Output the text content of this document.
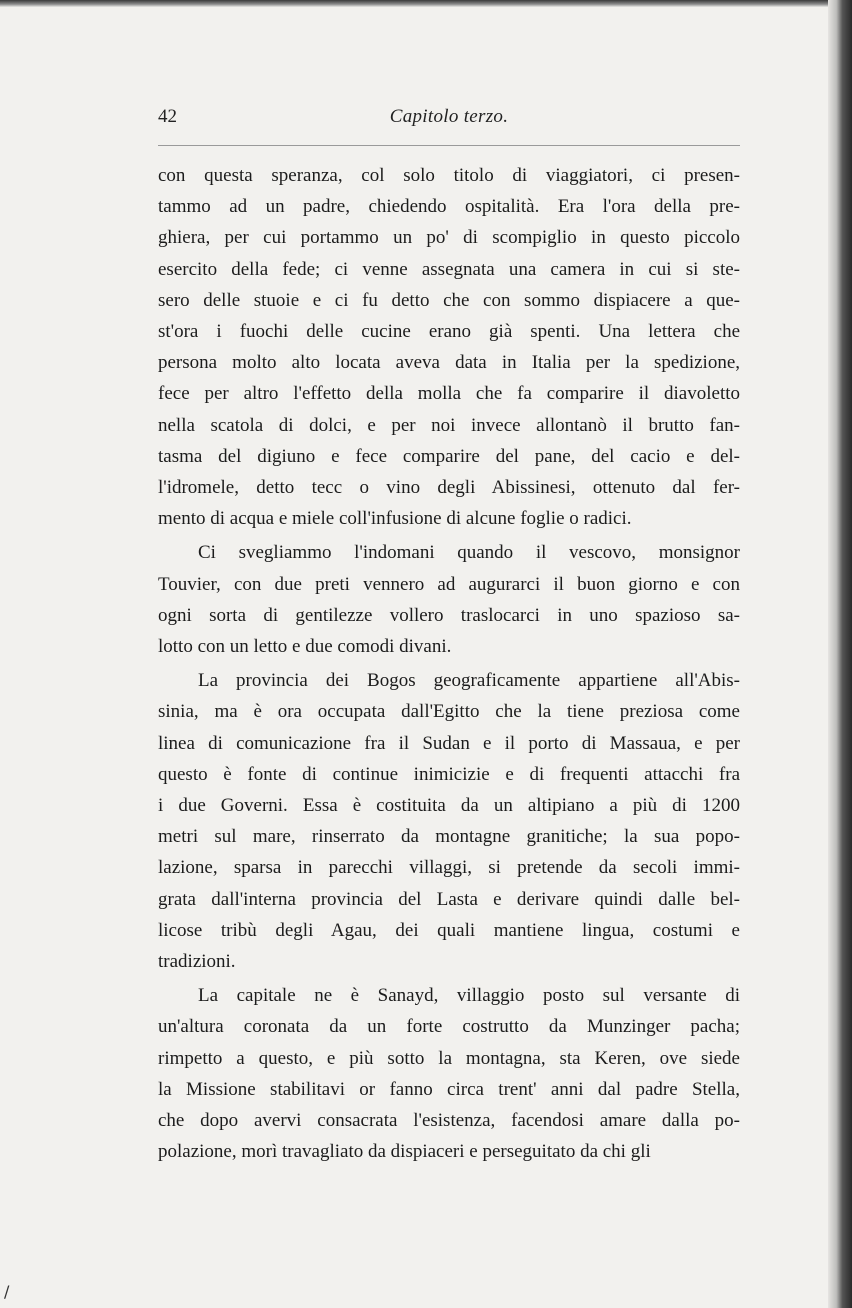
42	Capitolo terzo.
con questa speranza, col solo titolo di viaggiatori, ci presen-
tammo ad un padre, chiedendo ospitalità. Era l'ora della pre-
ghiera, per cui portammo un po' di scompiglio in questo piccolo
esercito della fede; ci venne assegnata una camera in cui si ste-
sero delle stuoie e ci fu detto che con sommo dispiacere a que-
st'ora i fuochi delle cucine erano già spenti. Una lettera che
persona molto alto locata aveva data in Italia per la spedizione,
fece per altro l'effetto della molla che fa comparire il diavoletto
nella scatola di dolci, e per noi invece allontanò il brutto fan-
tasma del digiuno e fece comparire del pane, del cacio e del-
l'idromele, detto tecc o vino degli Abissinesi, ottenuto dal fer-
mento di acqua e miele coll'infusione di alcune foglie o radici.
Ci svegliammo l'indomani quando il vescovo, monsignor
Touvier, con due preti vennero ad augurarci il buon giorno e con
ogni sorta di gentilezze vollero traslocarci in uno spazioso sa-
lotto con un letto e due comodi divani.
La provincia dei Bogos geograficamente appartiene all'Abis-
sinia, ma è ora occupata dall'Egitto che la tiene preziosa come
linea di comunicazione fra il Sudan e il porto di Massaua, e per
questo è fonte di continue inimicizie e di frequenti attacchi fra
i due Governi. Essa è costituita da un altipiano a più di 1200
metri sul mare, rinserrato da montagne granitiche; la sua popo-
lazione, sparsa in parecchi villaggi, si pretende da secoli immi-
grata dall'interna provincia del Lasta e derivare quindi dalle bel-
licose tribù degli Agau, dei quali mantiene lingua, costumi e
tradizioni.
La capitale ne è Sanayd, villaggio posto sul versante di
un'altura coronata da un forte costrutto da Munzinger pacha;
rimpetto a questo, e più sotto la montagna, sta Keren, ove siede
la Missione stabilitavi or fanno circa trent' anni dal padre Stella,
che dopo avervi consacrata l'esistenza, facendosi amare dalla po-
polazione, morì travagliato da dispiaceri e perseguitato da chi gli
/
